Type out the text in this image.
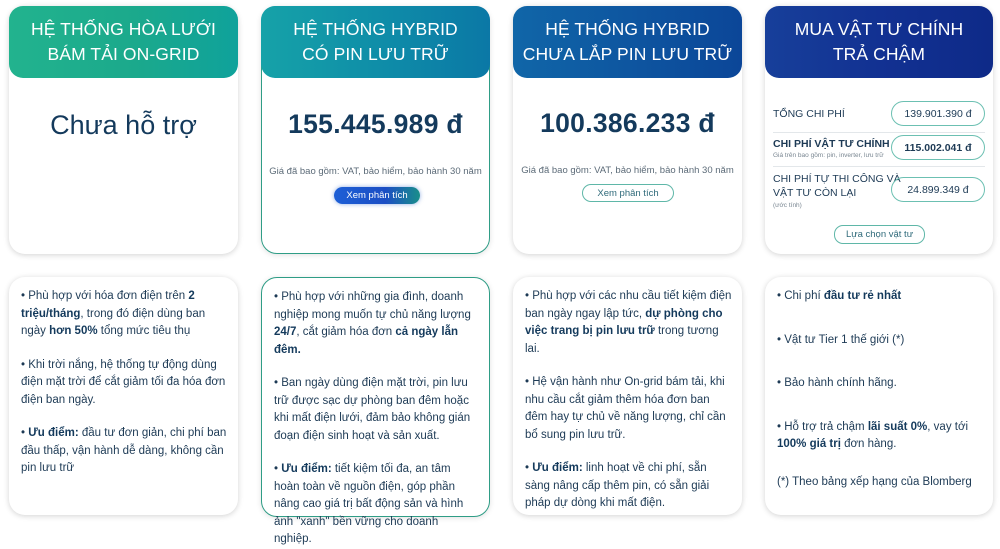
HỆ THỐNG HÒA LƯỚI
BÁM TẢI ON-GRID
Chưa hỗ trợ
HỆ THỐNG HYBRID
CÓ PIN LƯU TRỮ
155.445.989 đ
Giá đã bao gồm: VAT, bảo hiểm, bảo hành 30 năm
Xem phân tích
HỆ THỐNG HYBRID
CHƯA LẮP PIN LƯU TRỮ
100.386.233 đ
Giá đã bao gồm: VAT, bảo hiểm, bảo hành 30 năm
Xem phân tích
MUA VẬT TƯ CHÍNH
TRẢ CHẬM
TỔNG CHI PHÍ	139.901.390 đ
CHI PHÍ VẬT TƯ CHÍNH
Giá trên bao gồm: pin, inverter, lưu trữ
115.002.041 đ
CHI PHÍ TỰ THI CÔNG VÀ
VẬT TƯ CÒN LẠI
(ước tính)
24.899.349 đ
Lựa chọn vật tư

• Phù hợp với hóa đơn điện trên 2 triệu/tháng, trong đó điện dùng ban ngày hơn 50% tổng mức tiêu thụ

• Khi trời nắng, hệ thống tự động dùng điện mặt trời để cắt giảm tối đa hóa đơn điện ban ngày.

• Ưu điểm: đầu tư đơn giản, chi phí ban đầu thấp, vận hành dễ dàng, không cần pin lưu trữ

• Phù hợp với những gia đình, doanh nghiệp mong muốn tự chủ năng lượng 24/7, cắt giảm hóa đơn cả ngày lẫn đêm.

• Ban ngày dùng điện mặt trời, pin lưu trữ được sạc dự phòng ban đêm hoặc khi mất điện lưới, đảm bảo không gián đoạn điện sinh hoạt và sản xuất.

• Ưu điểm: tiết kiệm tối đa, an tâm hoàn toàn về nguồn điện, góp phần nâng cao giá trị bất động sản và hình ảnh "xanh" bền vững cho doanh nghiệp.

• Phù hợp với các nhu cầu tiết kiệm điện ban ngày ngay lập tức, dự phòng cho việc trang bị pin lưu trữ trong tương lai.

• Hệ vận hành như On-grid bám tải, khi nhu cầu cắt giảm thêm hóa đơn ban đêm hay tự chủ về năng lượng, chỉ cần bổ sung pin lưu trữ.

• Ưu điểm: linh hoạt về chi phí, sẵn sàng nâng cấp thêm pin, có sẵn giải pháp dự dòng khi mất điện.

• Chi phí đầu tư rẻ nhất

• Vật tư Tier 1 thế giới (*)

• Bảo hành chính hãng.

• Hỗ trợ trả chậm lãi suất 0%, vay tới 100% giá trị đơn hàng.

(*) Theo bảng xếp hạng của Blomberg
